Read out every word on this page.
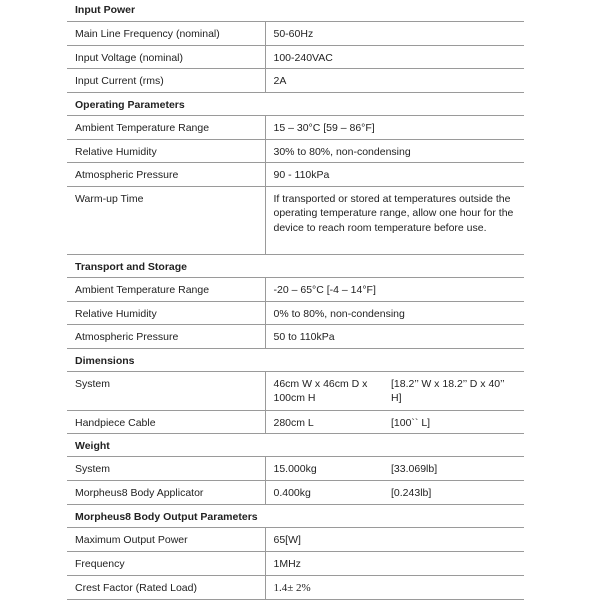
Input Power		
Main Line Frequency (nominal)	50-60Hz	
Input Voltage (nominal)	100-240VAC	
Input Current (rms)	2A	
Operating Parameters		
Ambient Temperature Range	15 – 30°C [59 – 86°F]	
Relative Humidity	30% to 80%, non-condensing	
Atmospheric Pressure	90 - 110kPa	
Warm-up Time	If transported or stored at temperatures outside the operating temperature range, allow one hour for the device to reach room temperature before use.	
Transport and Storage		
Ambient Temperature Range	-20 – 65°C [-4 – 14°F]	
Relative Humidity	0% to 80%, non-condensing	
Atmospheric Pressure	50 to 110kPa	
Dimensions		
System	46cm W x 46cm D x 100cm H	[18.2’’ W x 18.2’’ D x 40’’ H]
Handpiece Cable	280cm L	[100`` L]
Weight		
System	15.000kg	[33.069lb]
Morpheus8 Body Applicator	0.400kg	[0.243lb]
Morpheus8 Body Output Parameters		
Maximum Output Power	65[W]	
Frequency	1MHz	
Crest Factor (Rated Load)	1.4± 2%	
